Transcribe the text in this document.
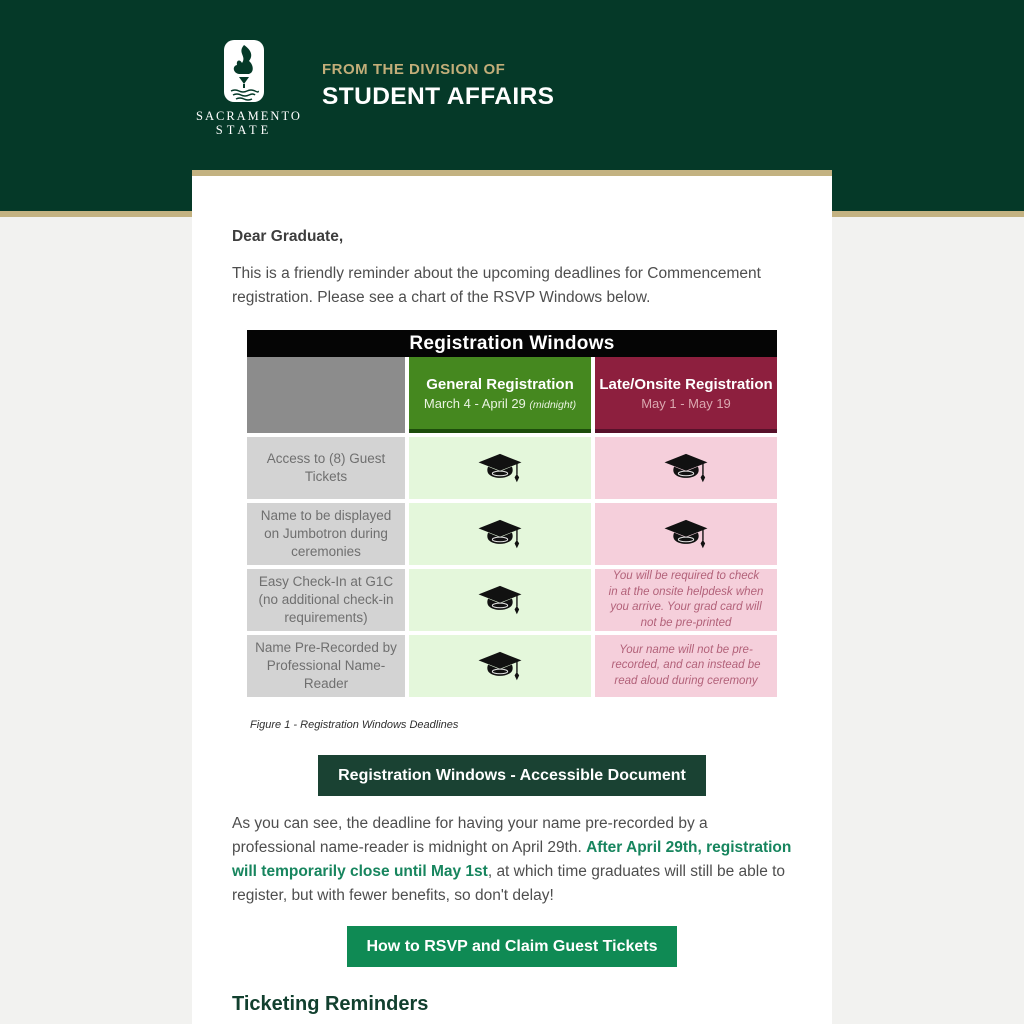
SACRAMENTO
STATE
FROM THE DIVISION OF
STUDENT AFFAIRS
Dear Graduate,

This is a friendly reminder about the upcoming deadlines for Commencement registration. Please see a chart of the RSVP Windows below.

Registration Windows
General Registration
March 4 - April 29 (midnight)
Late/Onsite Registration
May 1 - May 19
Access to (8) Guest Tickets
Name to be displayed on Jumbotron during ceremonies
Easy Check-In at G1C (no additional check-in requirements)
You will be required to check in at the onsite helpdesk when you arrive. Your grad card will not be pre-printed
Name Pre-Recorded by Professional Name-Reader
Your name will not be pre-recorded, and can instead be read aloud during ceremony
Figure 1 - Registration Windows Deadlines
Registration Windows - Accessible Document

As you can see, the deadline for having your name pre-recorded by a professional name-reader is midnight on April 29th. After April 29th, registration will temporarily close until May 1st, at which time graduates will still be able to register, but with fewer benefits, so don't delay!

How to RSVP and Claim Guest Tickets
Ticketing Reminders
